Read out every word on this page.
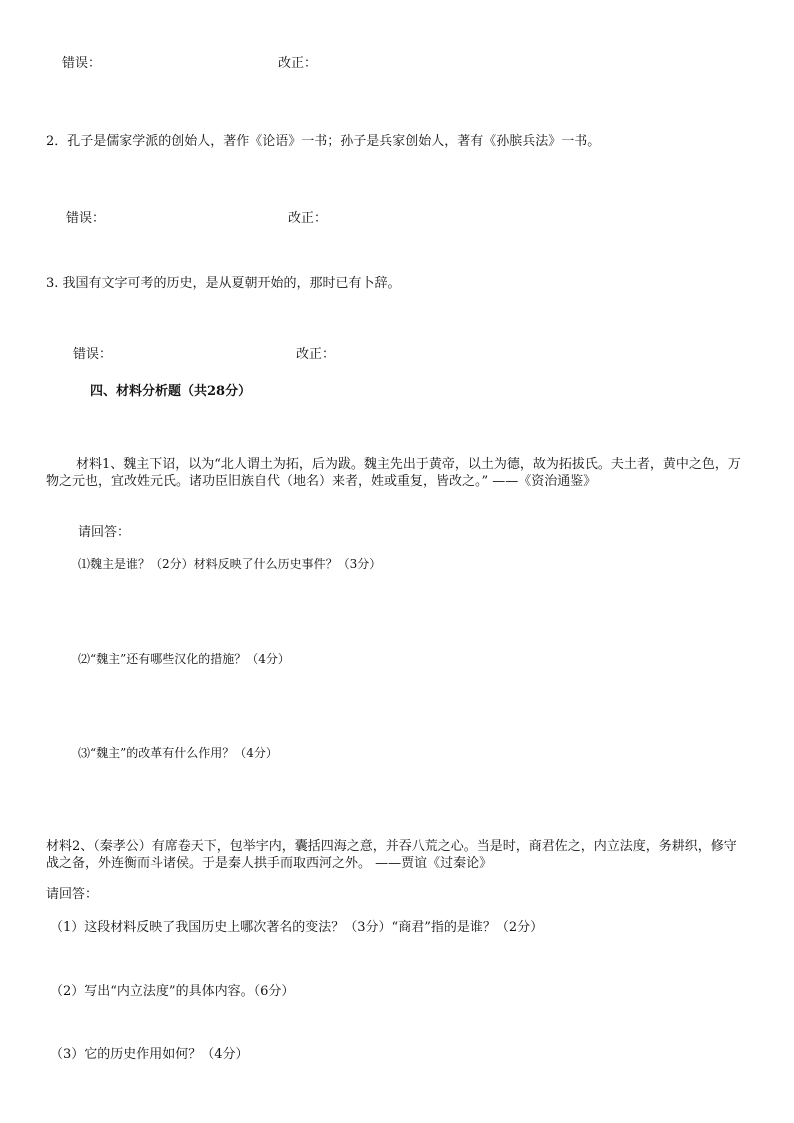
错误：	改正：
2．孔子是儒家学派的创始人，著作《论语》一书；孙子是兵家创始人，著有《孙膑兵法》一书。
错误：	改正：
3. 我国有文字可考的历史，是从夏朝开始的，那时已有卜辞。
错误：	改正：
四、材料分析题（共28分）
材料1、魏主下诏，以为“北人谓土为拓，后为跋。魏主先出于黄帝，以土为德，故为拓拔氏。夫土者，黄中之色，万物之元也，宜改姓元氏。诸功臣旧族自代（地名）来者，姓或重复，皆改之。” ——《资治通鉴》
请回答：
⑴魏主是谁？（2分）材料反映了什么历史事件？（3分）
⑵“魏主”还有哪些汉化的措施？（4分）
⑶“魏主”的改革有什么作用？（4分）
材料2、（秦孝公）有席卷天下，包举宇内，囊括四海之意，并吞八荒之心。当是时，商君佐之，内立法度，务耕织，修守战之备，外连衡而斗诸侯。于是秦人拱手而取西河之外。 ——贾谊《过秦论》
请回答：
（1）这段材料反映了我国历史上哪次著名的变法？（3分）“商君”指的是谁？（2分）
（2）写出“内立法度”的具体内容。（6分）
（3）它的历史作用如何？（4分）
